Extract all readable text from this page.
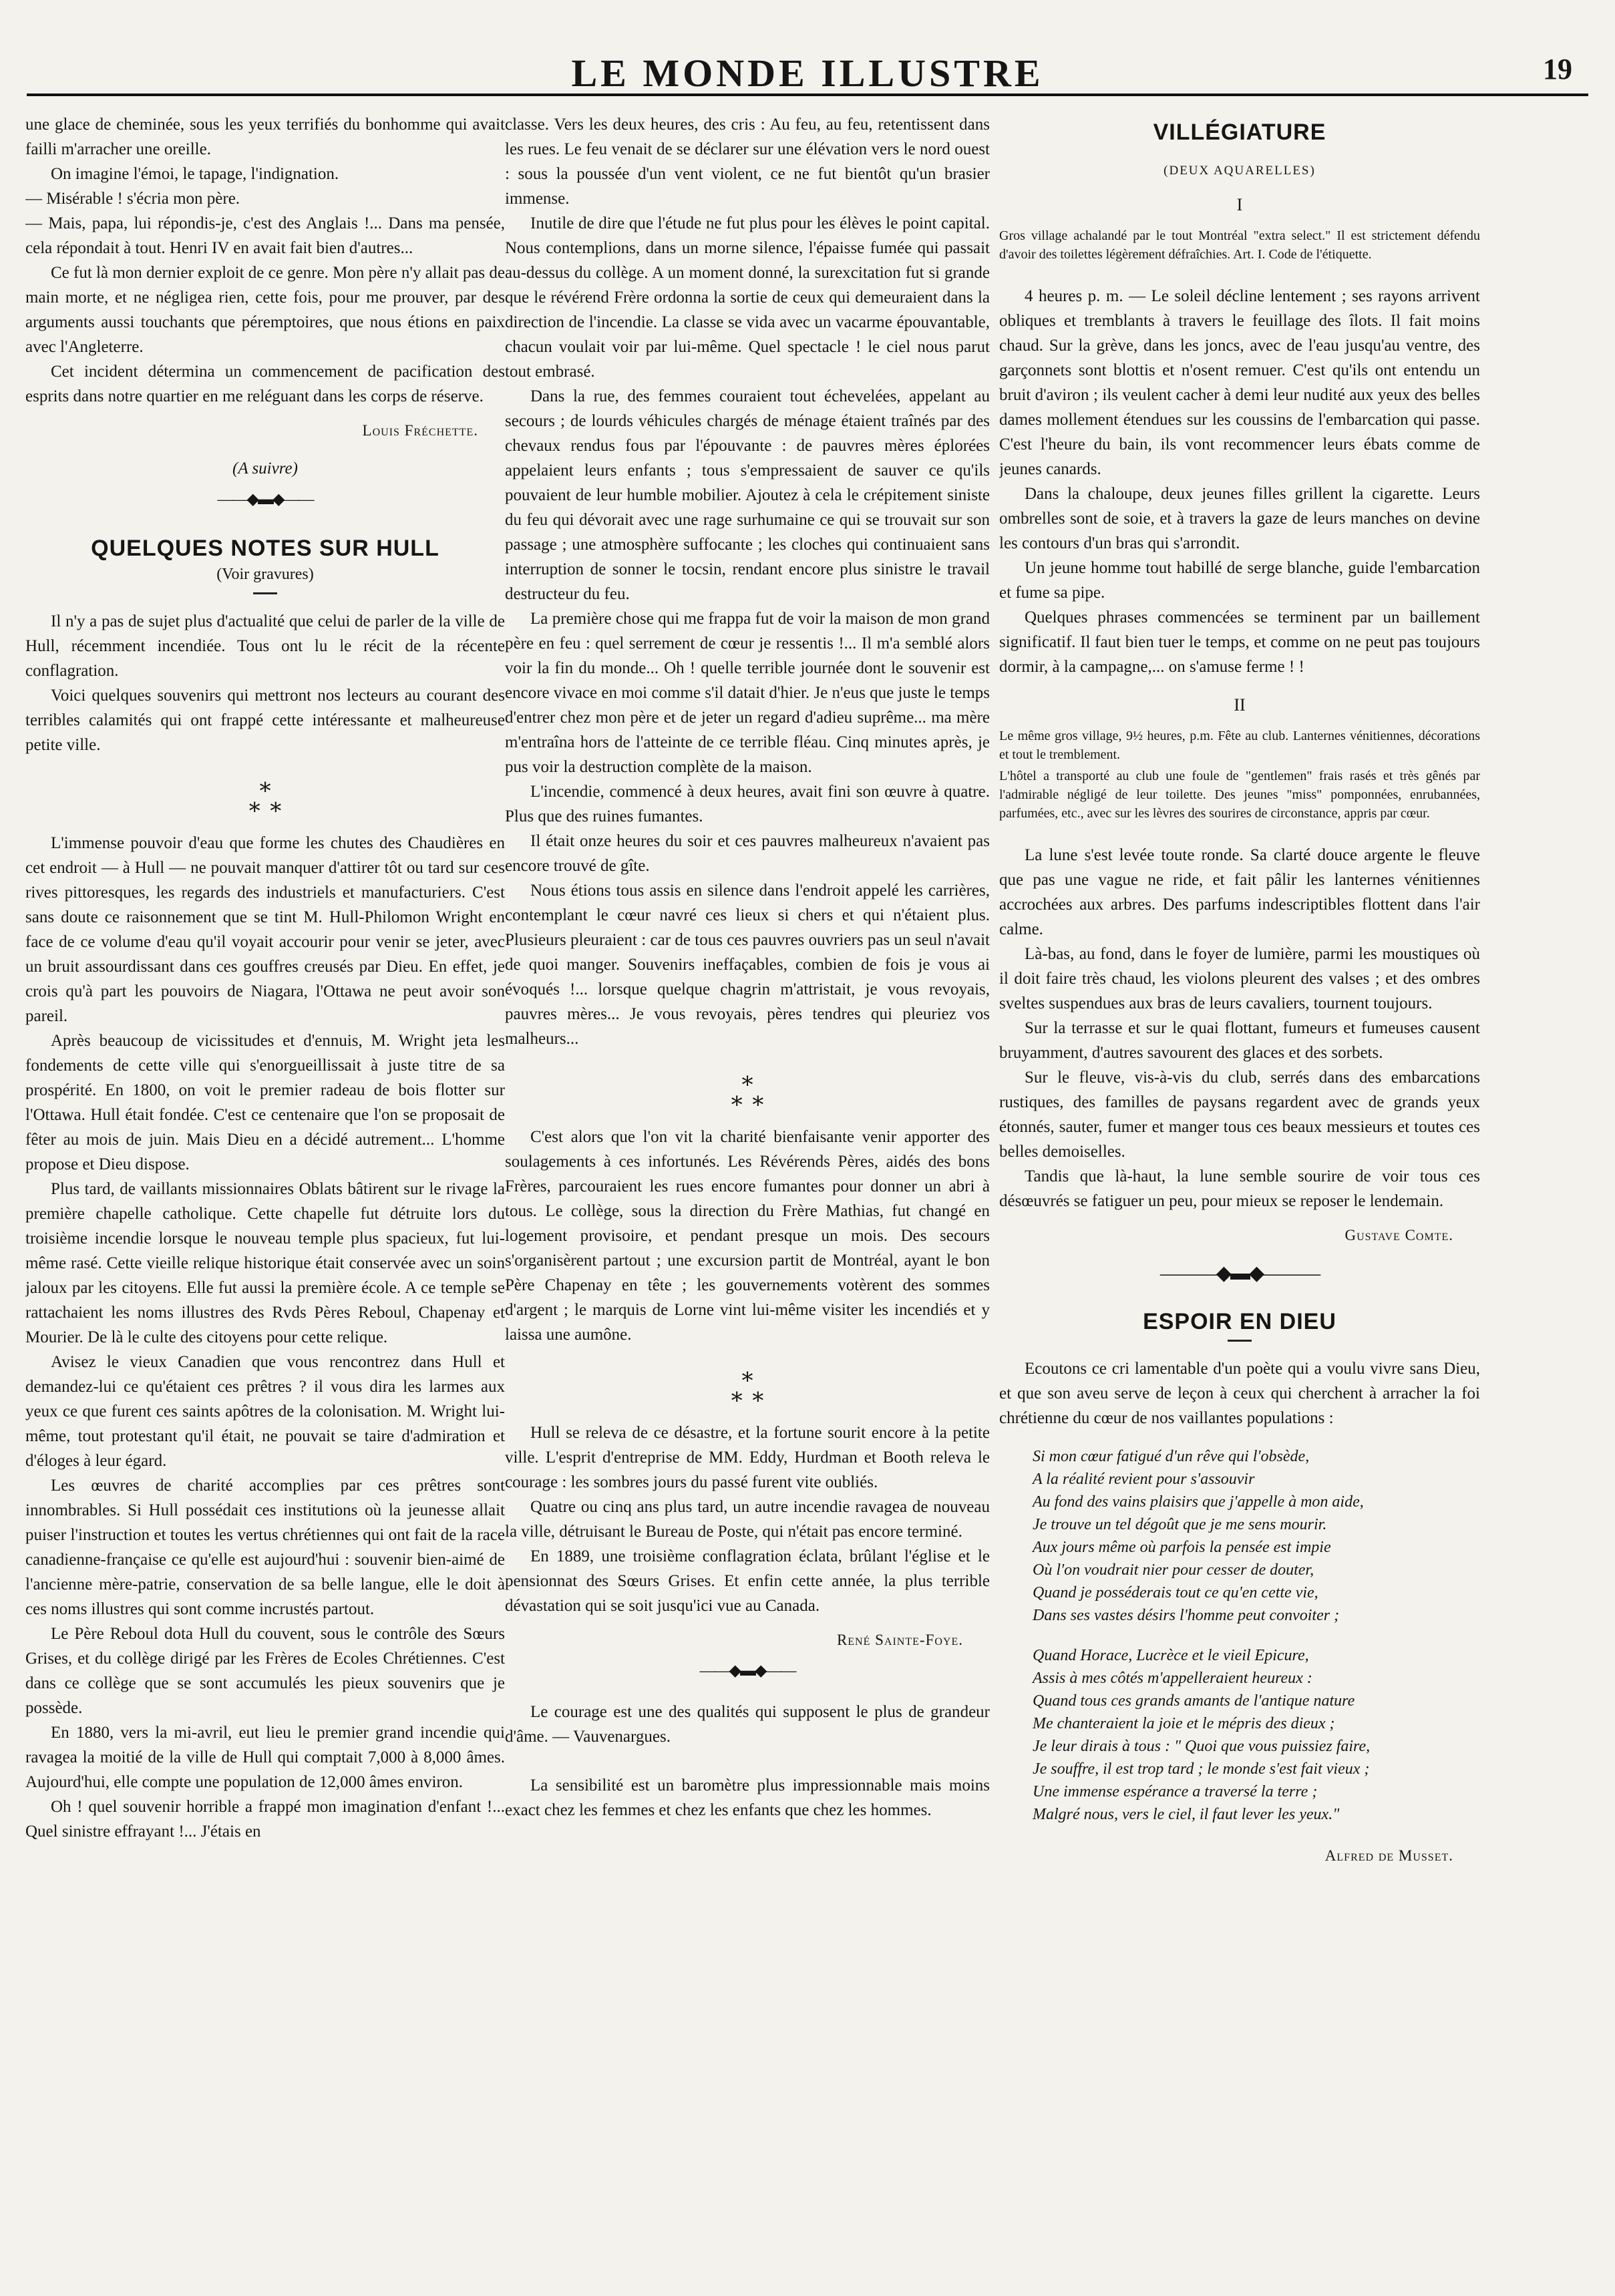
LE MONDE ILLUSTRE	19

une glace de cheminée, sous les yeux terrifiés du bonhomme qui avait failli m'arracher une oreille.

On imagine l'émoi, le tapage, l'indignation.

— Misérable ! s'écria mon père.

— Mais, papa, lui répondis-je, c'est des Anglais !... Dans ma pensée, cela répondait à tout. Henri IV en avait fait bien d'autres...

Ce fut là mon dernier exploit de ce genre. Mon père n'y allait pas de main morte, et ne négligea rien, cette fois, pour me prouver, par des arguments aussi touchants que péremptoires, que nous étions en paix avec l'Angleterre.

Cet incident détermina un commencement de pacification des esprits dans notre quartier en me reléguant dans les corps de réserve.

Louis Fréchette.
(A suivre)
——◆▬◆——
QUELQUES NOTES SUR HULL
(Voir gravures)

Il n'y a pas de sujet plus d'actualité que celui de parler de la ville de Hull, récemment incendiée. Tous ont lu le récit de la récente conflagration.

Voici quelques souvenirs qui mettront nos lecteurs au courant des terribles calamités qui ont frappé cette intéressante et malheureuse petite ville.

∗
∗ ∗

L'immense pouvoir d'eau que forme les chutes des Chaudières en cet endroit — à Hull — ne pouvait manquer d'attirer tôt ou tard sur ces rives pittoresques, les regards des industriels et manufacturiers. C'est sans doute ce raisonnement que se tint M. Hull-Philomon Wright en face de ce volume d'eau qu'il voyait accourir pour venir se jeter, avec un bruit assourdissant dans ces gouffres creusés par Dieu. En effet, je crois qu'à part les pouvoirs de Niagara, l'Ottawa ne peut avoir son pareil.

Après beaucoup de vicissitudes et d'ennuis, M. Wright jeta les fondements de cette ville qui s'enorgueillissait à juste titre de sa prospérité. En 1800, on voit le premier radeau de bois flotter sur l'Ottawa. Hull était fondée. C'est ce centenaire que l'on se proposait de fêter au mois de juin. Mais Dieu en a décidé autrement... L'homme propose et Dieu dispose.

Plus tard, de vaillants missionnaires Oblats bâtirent sur le rivage la première chapelle catholique. Cette chapelle fut détruite lors du troisième incendie lorsque le nouveau temple plus spacieux, fut lui-même rasé. Cette vieille relique historique était conservée avec un soin jaloux par les citoyens. Elle fut aussi la première école. A ce temple se rattachaient les noms illustres des Rvds Pères Reboul, Chapenay et Mourier. De là le culte des citoyens pour cette relique.

Avisez le vieux Canadien que vous rencontrez dans Hull et demandez-lui ce qu'étaient ces prêtres ? il vous dira les larmes aux yeux ce que furent ces saints apôtres de la colonisation. M. Wright lui-même, tout protestant qu'il était, ne pouvait se taire d'admiration et d'éloges à leur égard.

Les œuvres de charité accomplies par ces prêtres sont innombrables. Si Hull possédait ces institutions où la jeunesse allait puiser l'instruction et toutes les vertus chrétiennes qui ont fait de la race canadienne-française ce qu'elle est aujourd'hui : souvenir bien-aimé de l'ancienne mère-patrie, conservation de sa belle langue, elle le doit à ces noms illustres qui sont comme incrustés partout.

Le Père Reboul dota Hull du couvent, sous le contrôle des Sœurs Grises, et du collège dirigé par les Frères de Ecoles Chrétiennes. C'est dans ce collège que se sont accumulés les pieux souvenirs que je possède.

En 1880, vers la mi-avril, eut lieu le premier grand incendie qui ravagea la moitié de la ville de Hull qui comptait 7,000 à 8,000 âmes. Aujourd'hui, elle compte une population de 12,000 âmes environ.

Oh ! quel souvenir horrible a frappé mon imagination d'enfant !... Quel sinistre effrayant !... J'étais en

classe. Vers les deux heures, des cris : Au feu, au feu, retentissent dans les rues. Le feu venait de se déclarer sur une élévation vers le nord ouest : sous la poussée d'un vent violent, ce ne fut bientôt qu'un brasier immense.

Inutile de dire que l'étude ne fut plus pour les élèves le point capital. Nous contemplions, dans un morne silence, l'épaisse fumée qui passait au-dessus du collège. A un moment donné, la surexcitation fut si grande que le révérend Frère ordonna la sortie de ceux qui demeuraient dans la direction de l'incendie. La classe se vida avec un vacarme épouvantable, chacun voulait voir par lui-même. Quel spectacle ! le ciel nous parut tout embrasé.

Dans la rue, des femmes couraient tout échevelées, appelant au secours ; de lourds véhicules chargés de ménage étaient traînés par des chevaux rendus fous par l'épouvante : de pauvres mères éplorées appelaient leurs enfants ; tous s'empressaient de sauver ce qu'ils pouvaient de leur humble mobilier. Ajoutez à cela le crépitement siniste du feu qui dévorait avec une rage surhumaine ce qui se trouvait sur son passage ; une atmosphère suffocante ; les cloches qui continuaient sans interruption de sonner le tocsin, rendant encore plus sinistre le travail destructeur du feu.

La première chose qui me frappa fut de voir la maison de mon grand père en feu : quel serrement de cœur je ressentis !... Il m'a semblé alors voir la fin du monde... Oh ! quelle terrible journée dont le souvenir est encore vivace en moi comme s'il datait d'hier. Je n'eus que juste le temps d'entrer chez mon père et de jeter un regard d'adieu suprême... ma mère m'entraîna hors de l'atteinte de ce terrible fléau. Cinq minutes après, je pus voir la destruction complète de la maison.

L'incendie, commencé à deux heures, avait fini son œuvre à quatre. Plus que des ruines fumantes.

Il était onze heures du soir et ces pauvres malheureux n'avaient pas encore trouvé de gîte.

Nous étions tous assis en silence dans l'endroit appelé les carrières, contemplant le cœur navré ces lieux si chers et qui n'étaient plus. Plusieurs pleuraient : car de tous ces pauvres ouvriers pas un seul n'avait de quoi manger. Souvenirs ineffaçables, combien de fois je vous ai évoqués !... lorsque quelque chagrin m'attristait, je vous revoyais, pauvres mères... Je vous revoyais, pères tendres qui pleuriez vos malheurs...

∗
∗ ∗

C'est alors que l'on vit la charité bienfaisante venir apporter des soulagements à ces infortunés. Les Révérends Pères, aidés des bons Frères, parcouraient les rues encore fumantes pour donner un abri à tous. Le collège, sous la direction du Frère Mathias, fut changé en logement provisoire, et pendant presque un mois. Des secours s'organisèrent partout ; une excursion partit de Montréal, ayant le bon Père Chapenay en tête ; les gouvernements votèrent des sommes d'argent ; le marquis de Lorne vint lui-même visiter les incendiés et y laissa une aumône.

∗
∗ ∗

Hull se releva de ce désastre, et la fortune sourit encore à la petite ville. L'esprit d'entreprise de MM. Eddy, Hurdman et Booth releva le courage : les sombres jours du passé furent vite oubliés.

Quatre ou cinq ans plus tard, un autre incendie ravagea de nouveau la ville, détruisant le Bureau de Poste, qui n'était pas encore terminé.

En 1889, une troisième conflagration éclata, brûlant l'église et le pensionnat des Sœurs Grises. Et enfin cette année, la plus terrible dévastation qui se soit jusqu'ici vue au Canada.

René Sainte-Foye.
——◆▬◆——

Le courage est une des qualités qui supposent le plus de grandeur d'âme. — Vauvenargues.

La sensibilité est un baromètre plus impressionnable mais moins exact chez les femmes et chez les enfants que chez les hommes.

VILLÉGIATURE
(DEUX AQUARELLES)
I
Gros village achalandé par le tout Montréal "extra select." Il est strictement défendu d'avoir des toilettes légèrement défraîchies. Art. I. Code de l'étiquette.

4 heures p. m. — Le soleil décline lentement ; ses rayons arrivent obliques et tremblants à travers le feuillage des îlots. Il fait moins chaud. Sur la grève, dans les joncs, avec de l'eau jusqu'au ventre, des garçonnets sont blottis et n'osent remuer. C'est qu'ils ont entendu un bruit d'aviron ; ils veulent cacher à demi leur nudité aux yeux des belles dames mollement étendues sur les coussins de l'embarcation qui passe. C'est l'heure du bain, ils vont recommencer leurs ébats comme de jeunes canards.

Dans la chaloupe, deux jeunes filles grillent la cigarette. Leurs ombrelles sont de soie, et à travers la gaze de leurs manches on devine les contours d'un bras qui s'arrondit.

Un jeune homme tout habillé de serge blanche, guide l'embarcation et fume sa pipe.

Quelques phrases commencées se terminent par un baillement significatif. Il faut bien tuer le temps, et comme on ne peut pas toujours dormir, à la campagne,... on s'amuse ferme ! !

II
Le même gros village, 9½ heures, p.m. Fête au club. Lanternes vénitiennes, décorations et tout le tremblement.
L'hôtel a transporté au club une foule de "gentlemen" frais rasés et très gênés par l'admirable négligé de leur toilette. Des jeunes "miss" pomponnées, enrubannées, parfumées, etc., avec sur les lèvres des sourires de circonstance, appris par cœur.

La lune s'est levée toute ronde. Sa clarté douce argente le fleuve que pas une vague ne ride, et fait pâlir les lanternes vénitiennes accrochées aux arbres. Des parfums indescriptibles flottent dans l'air calme.

Là-bas, au fond, dans le foyer de lumière, parmi les moustiques où il doit faire très chaud, les violons pleurent des valses ; et des ombres sveltes suspendues aux bras de leurs cavaliers, tournent toujours.

Sur la terrasse et sur le quai flottant, fumeurs et fumeuses causent bruyamment, d'autres savourent des glaces et des sorbets.

Sur le fleuve, vis-à-vis du club, serrés dans des embarcations rustiques, des familles de paysans regardent avec de grands yeux étonnés, sauter, fumer et manger tous ces beaux messieurs et toutes ces belles demoiselles.

Tandis que là-haut, la lune semble sourire de voir tous ces désœuvrés se fatiguer un peu, pour mieux se reposer le lendemain.

Gustave Comte.
———◆▬◆———
ESPOIR EN DIEU

Ecoutons ce cri lamentable d'un poète qui a voulu vivre sans Dieu, et que son aveu serve de leçon à ceux qui cherchent à arracher la foi chrétienne du cœur de nos vaillantes populations :

Si mon cœur fatigué d'un rêve qui l'obsède,
A la réalité revient pour s'assouvir
Au fond des vains plaisirs que j'appelle à mon aide,
Je trouve un tel dégoût que je me sens mourir.
Aux jours même où parfois la pensée est impie
Où l'on voudrait nier pour cesser de douter,
Quand je posséderais tout ce qu'en cette vie,
Dans ses vastes désirs l'homme peut convoiter ;
Quand Horace, Lucrèce et le vieil Epicure,
Assis à mes côtés m'appelleraient heureux :
Quand tous ces grands amants de l'antique nature
Me chanteraient la joie et le mépris des dieux ;
Je leur dirais à tous : " Quoi que vous puissiez faire,
Je souffre, il est trop tard ; le monde s'est fait vieux ;
Une immense espérance a traversé la terre ;
Malgré nous, vers le ciel, il faut lever les yeux."
Alfred de Musset.
